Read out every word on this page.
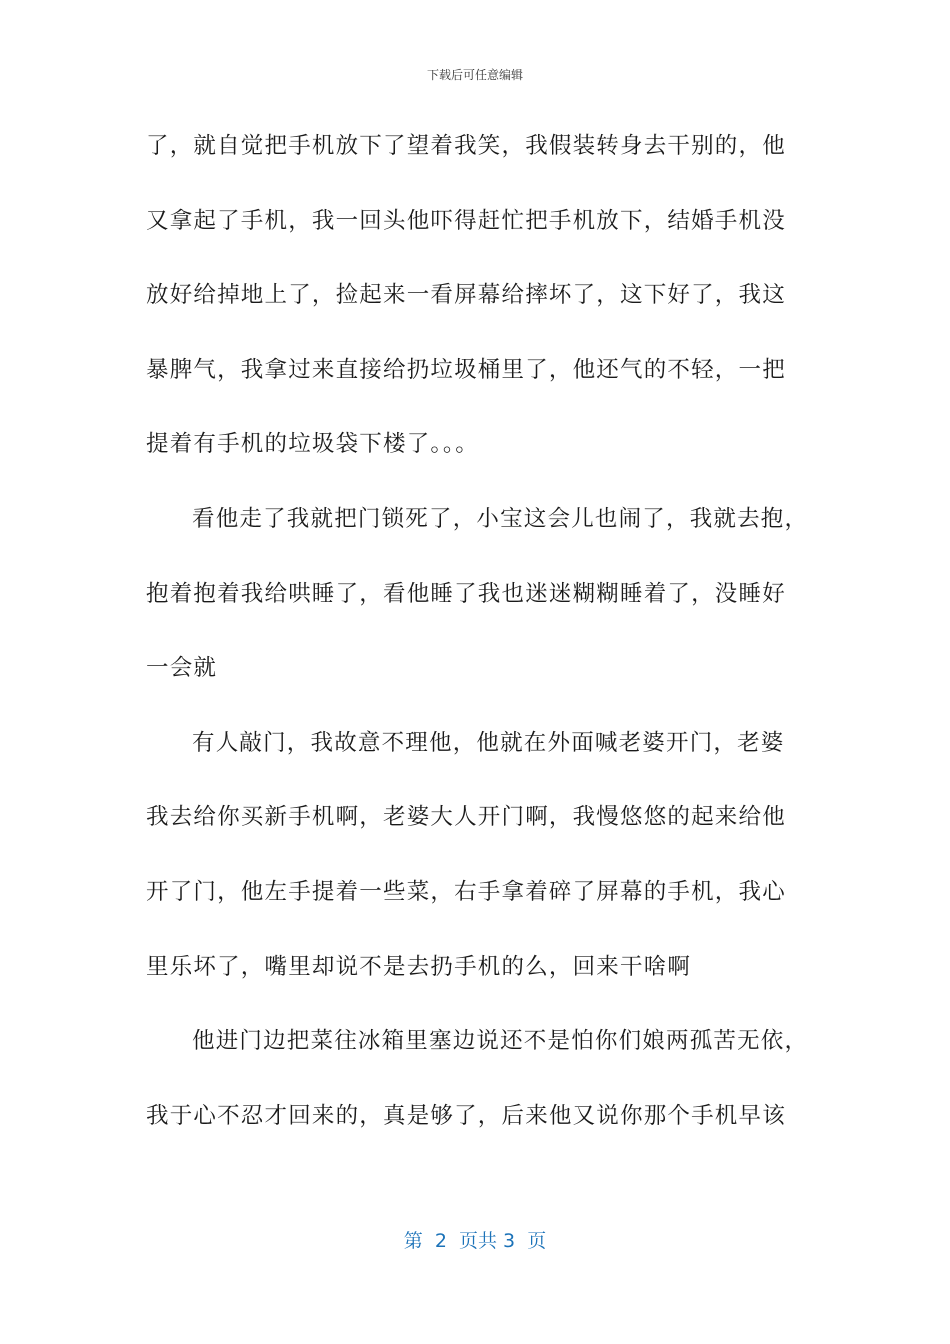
下载后可任意编辑
了，就自觉把手机放下了望着我笑，我假装转身去干别的，他
又拿起了手机，我一回头他吓得赶忙把手机放下，结婚手机没
放好给掉地上了，捡起来一看屏幕给摔坏了，这下好了，我这
暴脾气，我拿过来直接给扔垃圾桶里了，他还气的不轻，一把
提着有手机的垃圾袋下楼了。。。
看他走了我就把门锁死了，小宝这会儿也闹了，我就去抱，
抱着抱着我给哄睡了，看他睡了我也迷迷糊糊睡着了，没睡好
一会就
有人敲门，我故意不理他，他就在外面喊老婆开门，老婆
我去给你买新手机啊，老婆大人开门啊，我慢悠悠的起来给他
开了门，他左手提着一些菜，右手拿着碎了屏幕的手机，我心
里乐坏了，嘴里却说不是去扔手机的么，回来干啥啊
他进门边把菜往冰箱里塞边说还不是怕你们娘两孤苦无依，
我于心不忍才回来的，真是够了，后来他又说你那个手机早该
第  2  页共 3  页
